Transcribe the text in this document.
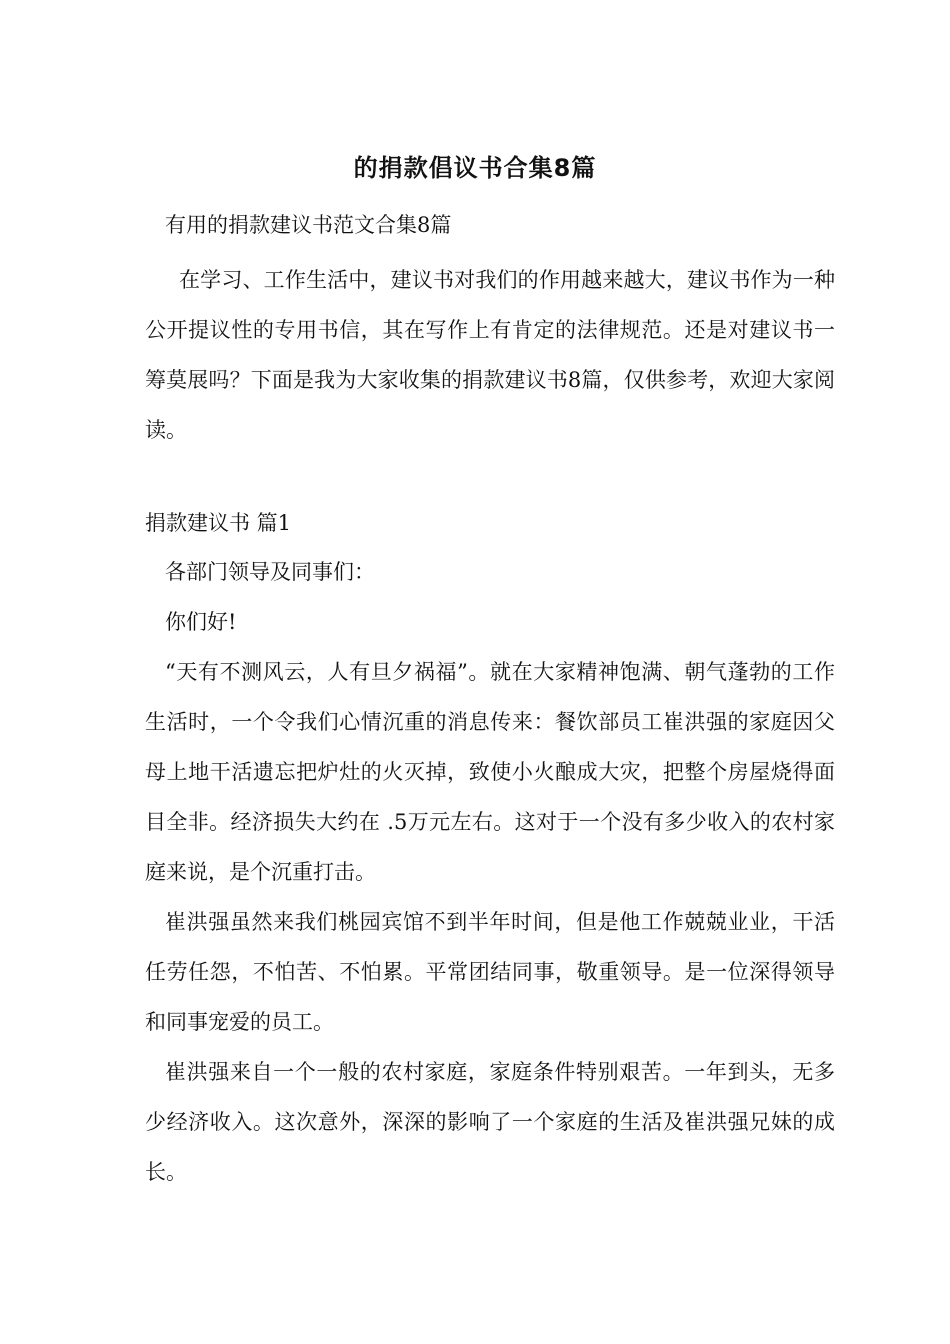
的捐款倡议书合集8篇
有用的捐款建议书范文合集8篇

在学习、工作生活中，建议书对我们的作用越来越大，建议书作为一种公开提议性的专用书信，其在写作上有肯定的法律规范。还是对建议书一筹莫展吗？下面是我为大家收集的捐款建议书8篇，仅供参考，欢迎大家阅读。

捐款建议书 篇1
各部门领导及同事们：
你们好!

“天有不测风云，人有旦夕祸福”。就在大家精神饱满、朝气蓬勃的工作生活时，一个令我们心情沉重的消息传来：餐饮部员工崔洪强的家庭因父母上地干活遗忘把炉灶的火灭掉，致使小火酿成大灾，把整个房屋烧得面目全非。经济损失大约在 .5万元左右。这对于一个没有多少收入的农村家庭来说，是个沉重打击。

崔洪强虽然来我们桃园宾馆不到半年时间，但是他工作兢兢业业，干活任劳任怨，不怕苦、不怕累。平常团结同事，敬重领导。是一位深得领导和同事宠爱的员工。

崔洪强来自一个一般的农村家庭，家庭条件特别艰苦。一年到头，无多少经济收入。这次意外，深深的影响了一个家庭的生活及崔洪强兄妹的成长。
